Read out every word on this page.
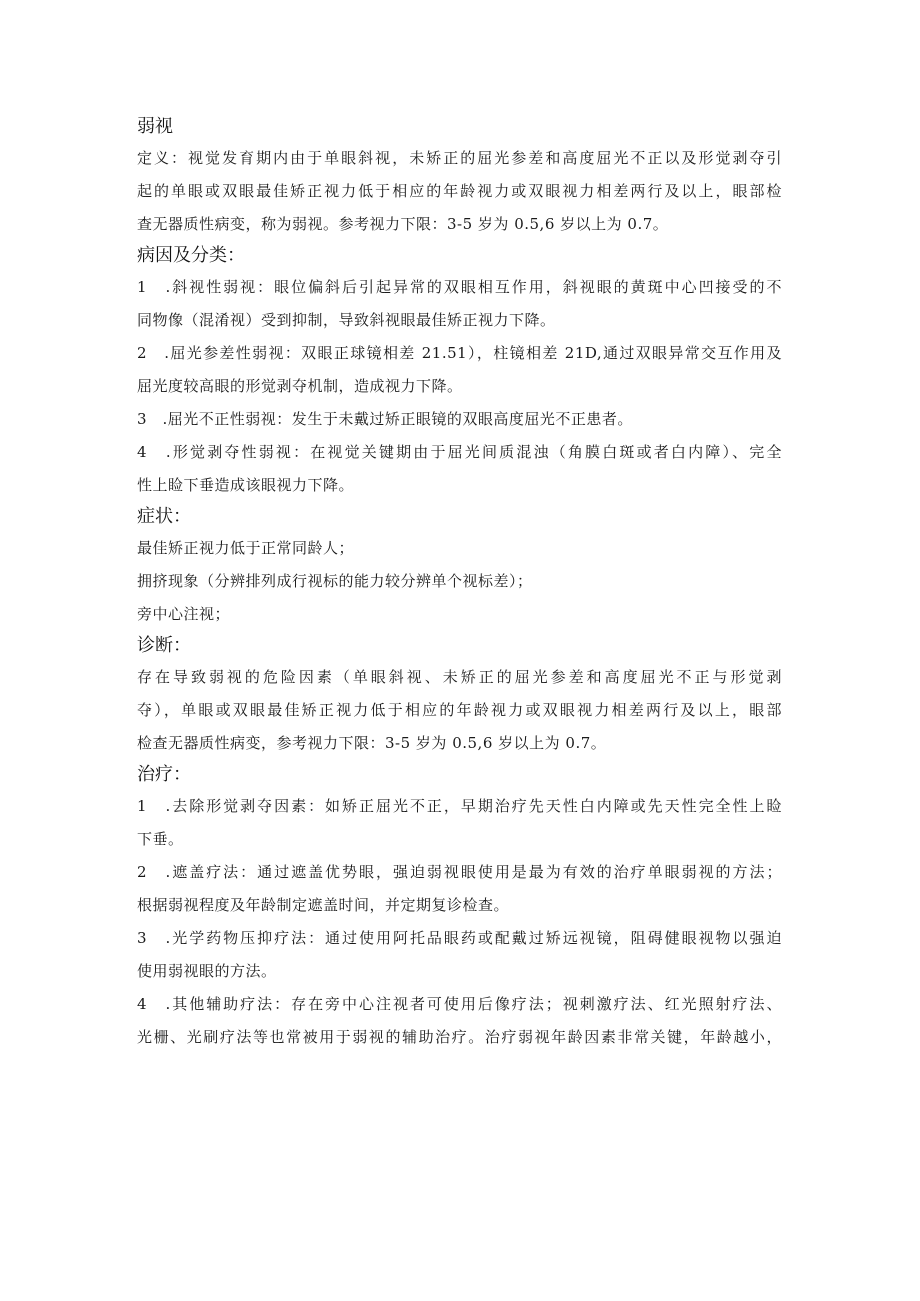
弱视
定义：视觉发育期内由于单眼斜视，未矫正的屈光参差和高度屈光不正以及形觉剥夺引
起的单眼或双眼最佳矫正视力低于相应的年龄视力或双眼视力相差两行及以上，眼部检
查无器质性病变，称为弱视。参考视力下限：3-5 岁为 0.5,6 岁以上为 0.7。
病因及分类：
1　.斜视性弱视：眼位偏斜后引起异常的双眼相互作用，斜视眼的黄斑中心凹接受的不
同物像（混淆视）受到抑制，导致斜视眼最佳矫正视力下降。
2　.屈光参差性弱视：双眼正球镜相差 21.51），柱镜相差 21D,通过双眼异常交互作用及
屈光度较高眼的形觉剥夺机制，造成视力下降。
3　.屈光不正性弱视：发生于未戴过矫正眼镜的双眼高度屈光不正患者。
4　.形觉剥夺性弱视：在视觉关键期由于屈光间质混浊（角膜白斑或者白内障）、完全
性上睑下垂造成该眼视力下降。
症状：
最佳矫正视力低于正常同龄人；
拥挤现象（分辨排列成行视标的能力较分辨单个视标差）；
旁中心注视；
诊断：
存在导致弱视的危险因素（单眼斜视、未矫正的屈光参差和高度屈光不正与形觉剥
夺），单眼或双眼最佳矫正视力低于相应的年龄视力或双眼视力相差两行及以上，眼部
检查无器质性病变，参考视力下限：3-5 岁为 0.5,6 岁以上为 0.7。
治疗：
1　.去除形觉剥夺因素：如矫正屈光不正，早期治疗先天性白内障或先天性完全性上睑
下垂。
2　.遮盖疗法：通过遮盖优势眼，强迫弱视眼使用是最为有效的治疗单眼弱视的方法；
根据弱视程度及年龄制定遮盖时间，并定期复诊检查。
3　.光学药物压抑疗法：通过使用阿托品眼药或配戴过矫远视镜，阻碍健眼视物以强迫
使用弱视眼的方法。
4　.其他辅助疗法：存在旁中心注视者可使用后像疗法；视刺激疗法、红光照射疗法、
光栅、光刷疗法等也常被用于弱视的辅助治疗。治疗弱视年龄因素非常关键，年龄越小，
